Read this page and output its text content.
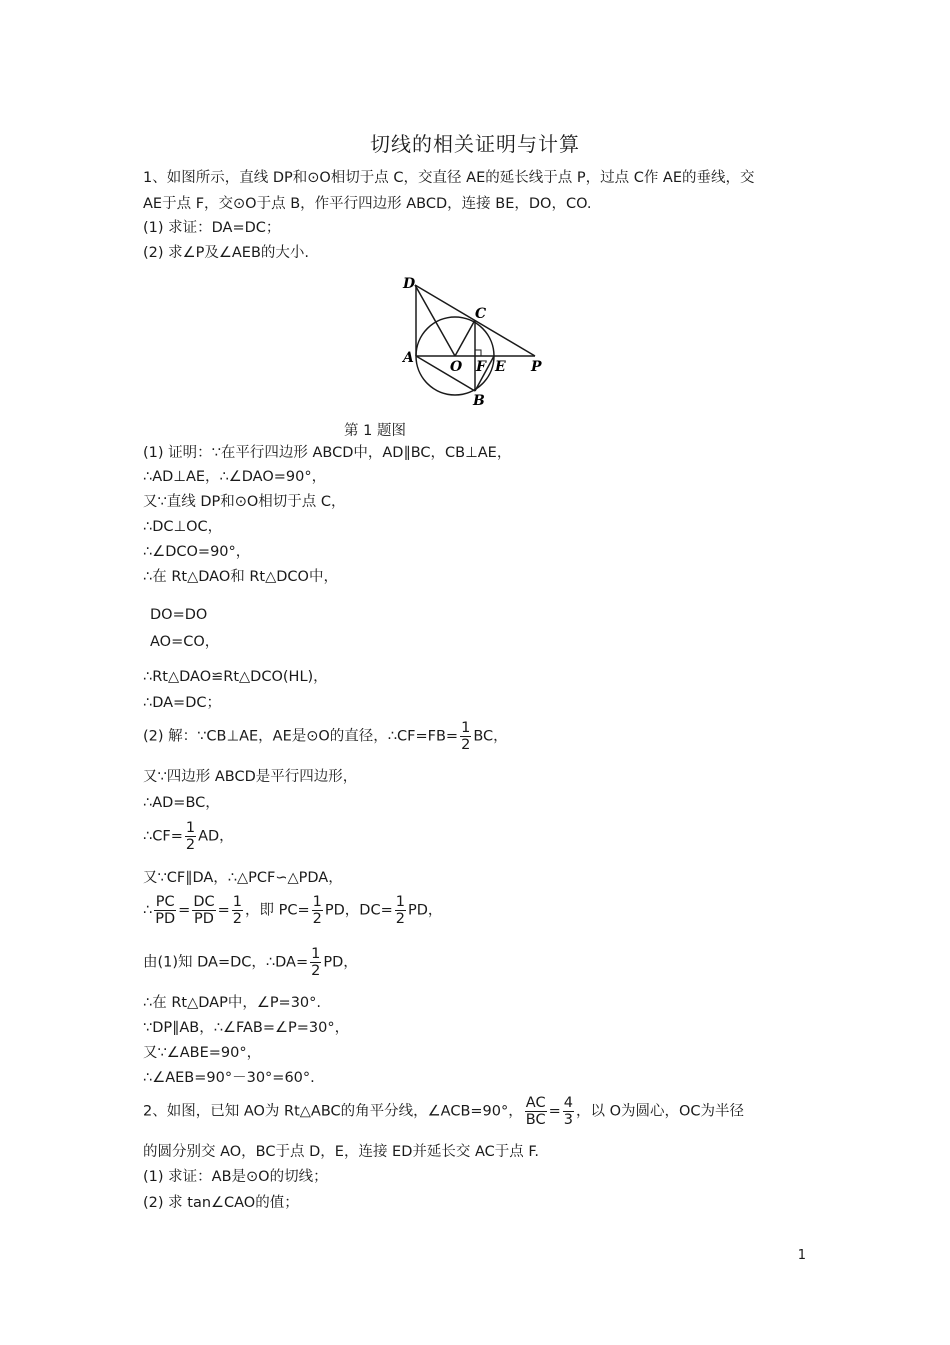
切线的相关证明与计算
1、如图所示，直线 DP和⊙O相切于点 C，交直径 AE的延长线于点 P，过点 C作 AE的垂线，交
AE于点 F，交⊙O于点 B，作平行四边形 ABCD，连接 BE，DO，CO.
(1) 求证：DA=DC；
(2) 求∠P及∠AEB的大小.
D
C
A
O F E P
B
第 1 题图
(1) 证明：∵在平行四边形 ABCD中，AD∥BC，CB⊥AE，
∴AD⊥AE，∴∠DAO=90°，
又∵直线 DP和⊙O相切于点 C，
∴DC⊥OC，
∴∠DCO=90°，
∴在 Rt△DAO和 Rt△DCO中，
DO=DO
AO=CO，
∴Rt△DAO≌Rt△DCO(HL)，
∴DA=DC；
(2) 解：∵CB⊥AE，AE是⊙O的直径，∴CF=FB= $\frac{1}{2}$ BC，
又∵四边形 ABCD是平行四边形，
∴AD=BC，
∴CF= $\frac{1}{2}$ AD，
又∵CF∥DA，∴△PCF∽△PDA，
∴ $\frac{PC}{PD} = \frac{DC}{PD} = \frac{1}{2}$ ，即 $PC= \frac{1}{2}$ PD，$DC= \frac{1}{2}$ PD，
由(1)知 DA=DC，∴DA= $\frac{1}{2}$ PD，
∴在 Rt△DAP中，∠P=30°.
∵DP∥AB，∴∠FAB=∠P=30°，
又∵∠ABE=90°，
∴∠AEB=90°－30°=60°.
2、如图，已知 AO为 Rt△ABC的角平分线，∠ACB=90°， $\frac{AC}{BC} = \frac{4}{3}$ ，以 O为圆心，OC为半径
的圆分别交 AO，BC于点 D，E，连接 ED并延长交 AC于点 F.
(1) 求证：AB是⊙O的切线；
(2) 求 tan∠CAO的值；
1
